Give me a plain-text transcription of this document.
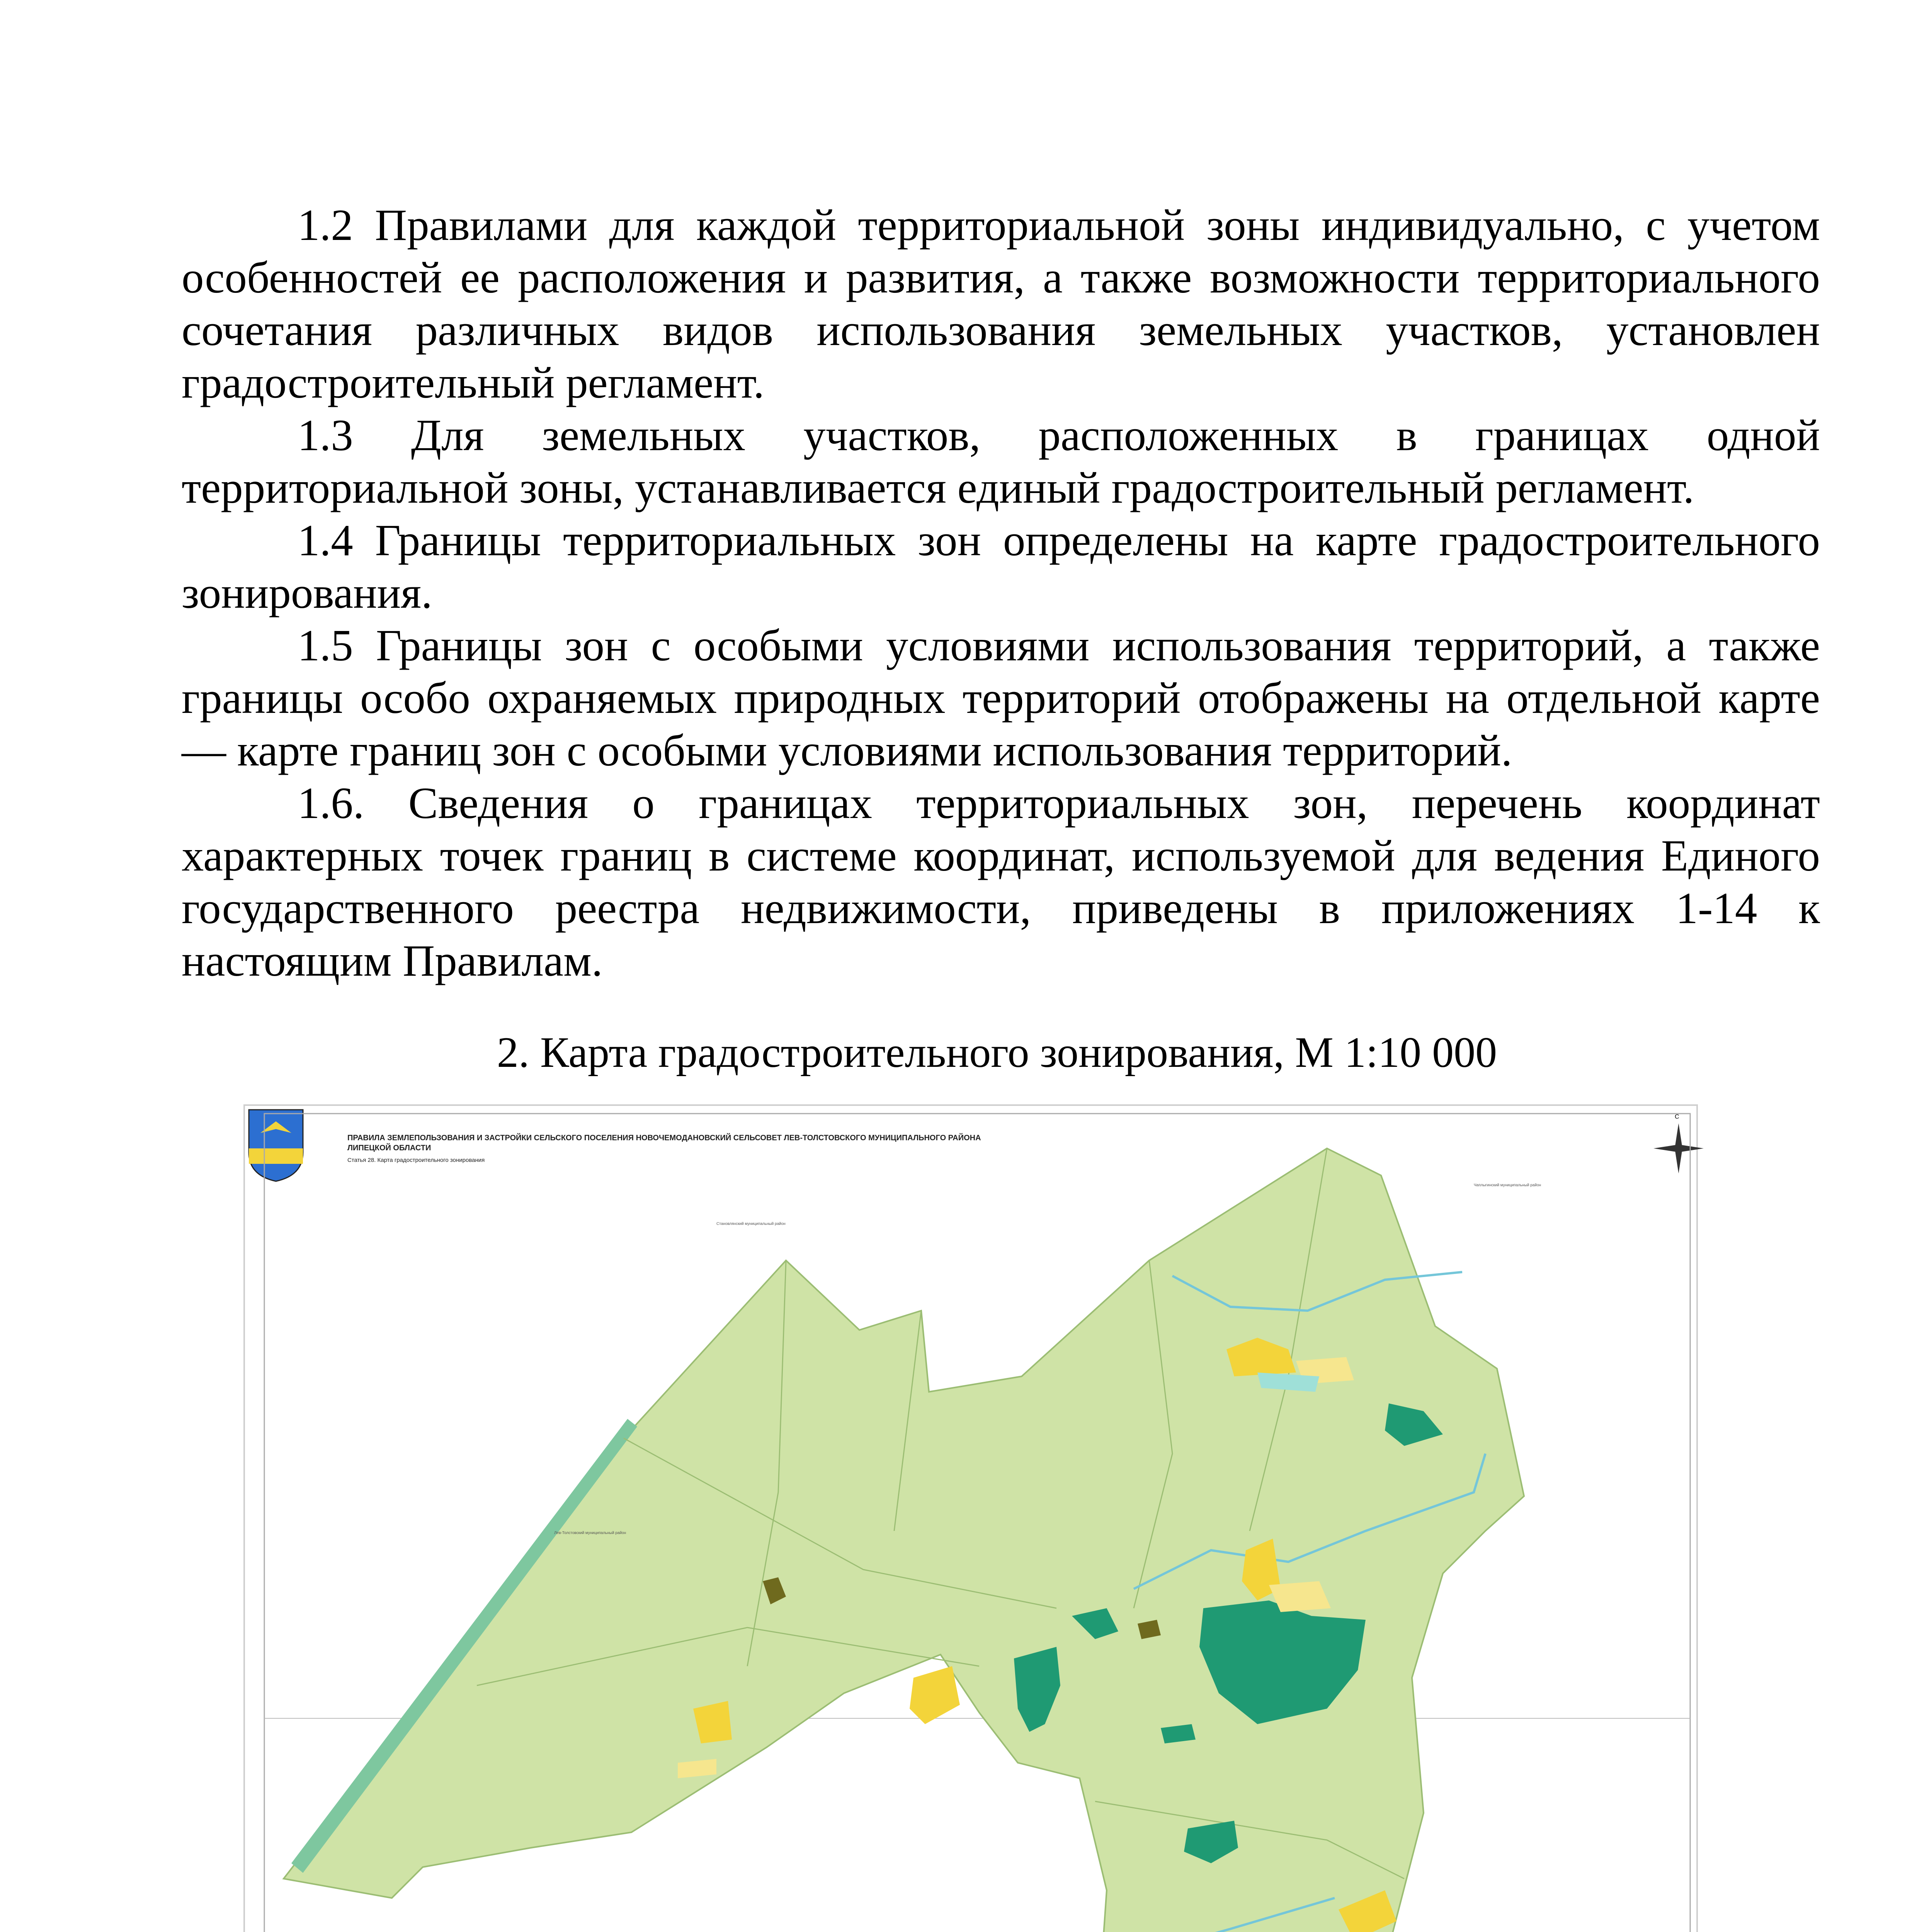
1.2 Правилами для каждой территориальной зоны индивидуально, с учетом особенностей ее расположения и развития, а также возможности территориального сочетания различных видов использования земельных участков, установлен градостроительный регламент.

1.3 Для земельных участков, расположенных в границах одной территориальной зоны, устанавливается единый градостроительный регламент.

1.4 Границы территориальных зон определены на карте градостроительного зонирования.

1.5 Границы зон с особыми условиями использования территорий, а также границы особо охраняемых природных территорий отображены на отдельной карте — карте границ зон с особыми условиями использования территорий.

1.6. Сведения о границах территориальных зон, перечень координат характерных точек границ в системе координат, используемой для ведения Единого государственного реестра недвижимости, приведены в приложениях 1-14 к настоящим Правилам.

2. Карта градостроительного зонирования, М 1:10 000
ПРАВИЛА ЗЕМЛЕПОЛЬЗОВАНИЯ И ЗАСТРОЙКИ СЕЛЬСКОГО ПОСЕЛЕНИЯ НОВОЧЕМОДАНОВСКИЙ СЕЛЬСОВЕТ ЛЕВ-ТОЛСТОВСКОГО МУНИЦИПАЛЬНОГО РАЙОНА ЛИПЕЦКОЙ ОБЛАСТИ
Статья 28. Карта градостроительного зонирования
С
Становлянский муниципальный район
Чаплыгинский муниципальный район
Лев-Толстовский муниципальный район
